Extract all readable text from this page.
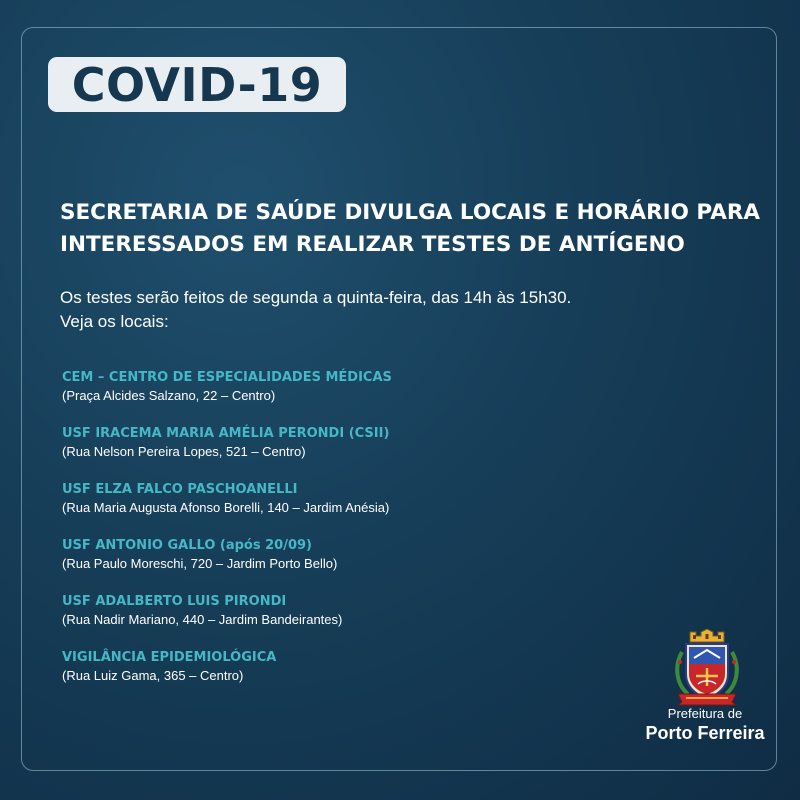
COVID-19
SECRETARIA DE SAÚDE DIVULGA LOCAIS E HORÁRIO PARA
INTERESSADOS EM REALIZAR TESTES DE ANTÍGENO
Os testes serão feitos de segunda a quinta-feira, das 14h às 15h30.
Veja os locais:
CEM – CENTRO DE ESPECIALIDADES MÉDICAS
(Praça Alcides Salzano, 22 – Centro)
USF IRACEMA MARIA AMÉLIA PERONDI (CSII)
(Rua Nelson Pereira Lopes, 521 – Centro)
USF ELZA FALCO PASCHOANELLI
(Rua Maria Augusta Afonso Borelli, 140 – Jardim Anésia)
USF ANTONIO GALLO (após 20/09)
(Rua Paulo Moreschi, 720 – Jardim Porto Bello)
USF ADALBERTO LUIS PIRONDI
(Rua Nadir Mariano, 440 – Jardim Bandeirantes)
VIGILÂNCIA EPIDEMIOLÓGICA
(Rua Luiz Gama, 365 – Centro)
Prefeitura de
Porto Ferreira
